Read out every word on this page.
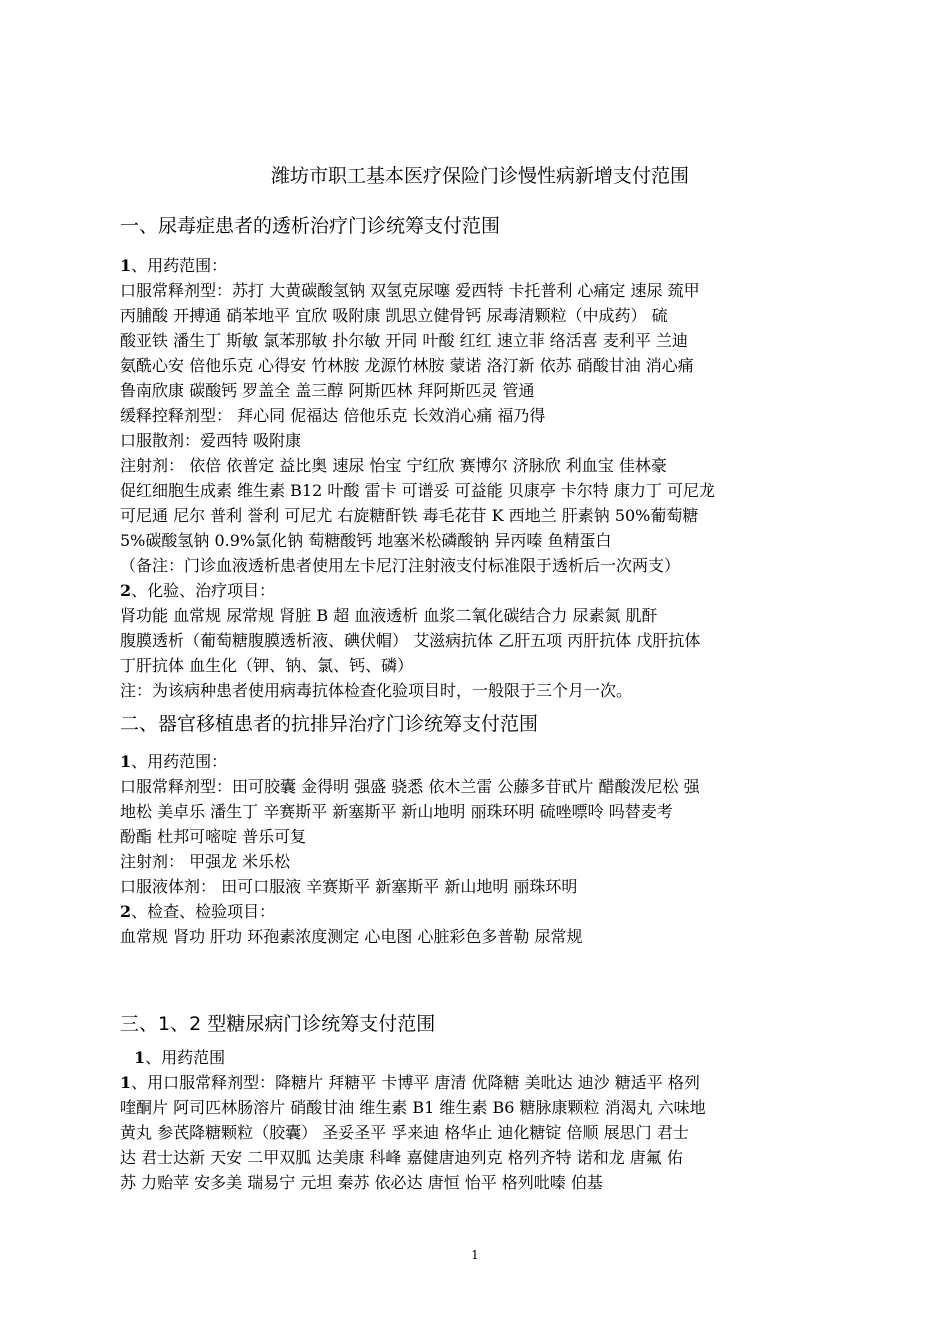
潍坊市职工基本医疗保险门诊慢性病新增支付范围
一、尿毒症患者的透析治疗门诊统筹支付范围

1、用药范围：

口服常释剂型：苏打 大黄碳酸氢钠 双氢克尿噻 爱西特 卡托普利 心痛定 速尿 巯甲

丙脯酸 开搏通 硝苯地平 宜欣 吸附康 凯思立健骨钙 尿毒清颗粒（中成药） 硫

酸亚铁 潘生丁 斯敏 氯苯那敏 扑尔敏 开同 叶酸 红红 速立菲 络活喜 麦利平 兰迪

氨酰心安 倍他乐克 心得安 竹林胺 龙源竹林胺 蒙诺 洛汀新 依苏 硝酸甘油 消心痛

鲁南欣康 碳酸钙 罗盖全 盖三醇 阿斯匹林 拜阿斯匹灵 管通

缓释控释剂型： 拜心同 伲福达 倍他乐克 长效消心痛 福乃得

口服散剂：爱西特 吸附康

注射剂： 依倍 依普定 益比奥 速尿 怡宝 宁红欣 赛博尔 济脉欣 利血宝 佳林豪

促红细胞生成素 维生素 B12 叶酸 雷卡 可谱妥 可益能 贝康亭 卡尔特 康力丁 可尼龙

可尼通 尼尔 普利 誉利 可尼尤 右旋糖酐铁 毒毛花苷 K 西地兰 肝素钠 50%葡萄糖

5%碳酸氢钠 0.9%氯化钠 萄糖酸钙 地塞米松磷酸钠 异丙嗪 鱼精蛋白

（备注：门诊血液透析患者使用左卡尼汀注射液支付标准限于透析后一次两支）

2、化验、治疗项目：

肾功能 血常规 尿常规 肾脏 B 超 血液透析 血浆二氧化碳结合力 尿素氮 肌酐

腹膜透析（葡萄糖腹膜透析液、碘伏帽） 艾滋病抗体 乙肝五项 丙肝抗体 戊肝抗体

丁肝抗体 血生化（钾、钠、氯、钙、磷）

注：为该病种患者使用病毒抗体检查化验项目时，一般限于三个月一次。

二、器官移植患者的抗排异治疗门诊统筹支付范围

1、用药范围：

口服常释剂型：田可胶囊 金得明 强盛 骁悉 依木兰雷 公藤多苷甙片 醋酸泼尼松 强

地松 美卓乐 潘生丁 辛赛斯平 新塞斯平 新山地明 丽珠环明 硫唑嘌呤 吗替麦考

酚酯 杜邦可嘧啶 普乐可复

注射剂： 甲强龙 米乐松

口服液体剂： 田可口服液 辛赛斯平 新塞斯平 新山地明 丽珠环明

2、检查、检验项目：

血常规 肾功 肝功 环孢素浓度测定 心电图 心脏彩色多普勒 尿常规

三、1、2 型糖尿病门诊统筹支付范围

1、用药范围

1、用口服常释剂型：降糖片 拜糖平 卡博平 唐清 优降糖 美吡达 迪沙 糖适平 格列

喹酮片 阿司匹林肠溶片 硝酸甘油 维生素 B1 维生素 B6 糖脉康颗粒 消渴丸 六味地

黄丸 参芪降糖颗粒（胶囊） 圣妥圣平 孚来迪 格华止 迪化糖锭 倍顺 展思门 君士

达 君士达新 天安 二甲双胍 达美康 科峰 嘉健唐迪列克 格列齐特 诺和龙 唐氟 佑

苏 力贻苹 安多美 瑞易宁 元坦 秦苏 依必达 唐恒 怡平 格列吡嗪 伯基

1
